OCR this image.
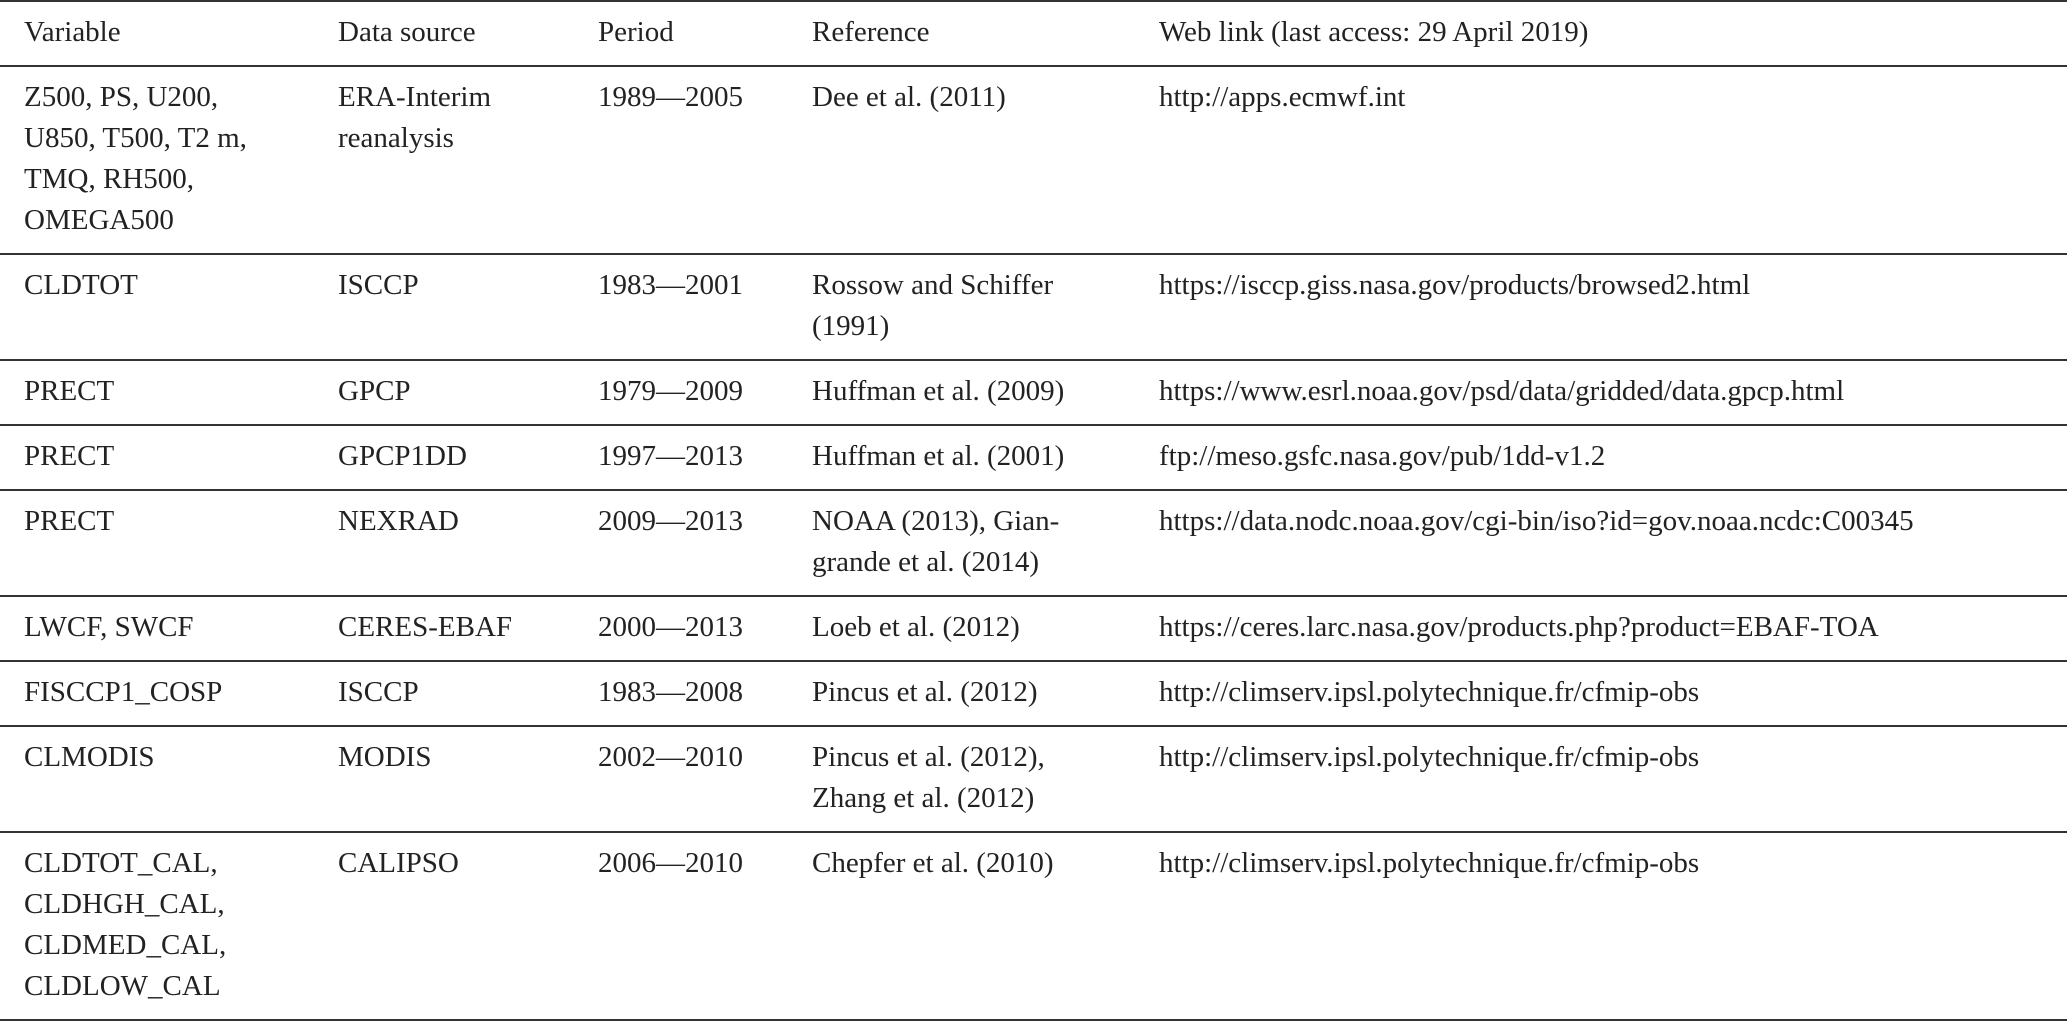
Variable	Data source	Period	Reference	Web link (last access: 29 April 2019)
Z500, PS, U200,
U850, T500, T2 m,
TMQ, RH500,
OMEGA500	ERA-Interim
reanalysis	1989—2005	Dee et al. (2011)	http://apps.ecmwf.int
CLDTOT	ISCCP	1983—2001	Rossow and Schiffer
(1991)	https://isccp.giss.nasa.gov/products/browsed2.html
PRECT	GPCP	1979—2009	Huffman et al. (2009)	https://www.esrl.noaa.gov/psd/data/gridded/data.gpcp.html
PRECT	GPCP1DD	1997—2013	Huffman et al. (2001)	ftp://meso.gsfc.nasa.gov/pub/1dd-v1.2
PRECT	NEXRAD	2009—2013	NOAA (2013), Gian-
grande et al. (2014)	https://data.nodc.noaa.gov/cgi-bin/iso?id=gov.noaa.ncdc:C00345
LWCF, SWCF	CERES-EBAF	2000—2013	Loeb et al. (2012)	https://ceres.larc.nasa.gov/products.php?product=EBAF-TOA
FISCCP1_COSP	ISCCP	1983—2008	Pincus et al. (2012)	http://climserv.ipsl.polytechnique.fr/cfmip-obs
CLMODIS	MODIS	2002—2010	Pincus et al. (2012),
Zhang et al. (2012)	http://climserv.ipsl.polytechnique.fr/cfmip-obs
CLDTOT_CAL,
CLDHGH_CAL,
CLDMED_CAL,
CLDLOW_CAL	CALIPSO	2006—2010	Chepfer et al. (2010)	http://climserv.ipsl.polytechnique.fr/cfmip-obs
